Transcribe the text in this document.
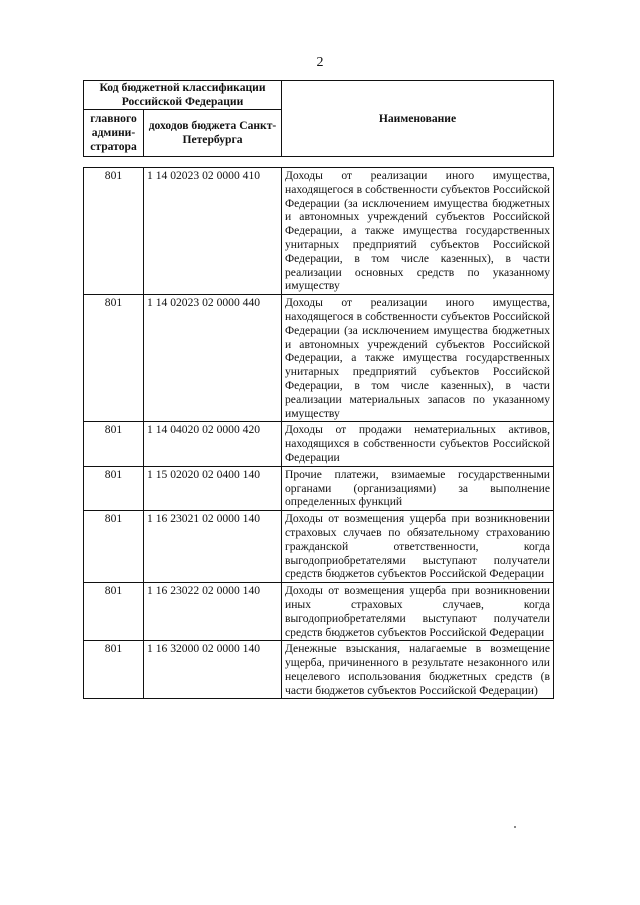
2
Код бюджетной классификации Российской Федерации		Наименование
главного админи-стратора	доходов бюджета Санкт-Петербурга	
801	1 14 02023 02 0000 410	Доходы от реализации иного имущества, находящегося в собственности субъектов Российской Федерации (за исключением имущества бюджетных и автономных учреждений субъектов Российской Федерации, а также имущества государственных унитарных предприятий субъектов Российской Федерации, в том числе казенных), в части реализации основных средств по указанному имуществу
801	1 14 02023 02 0000 440	Доходы от реализации иного имущества, находящегося в собственности субъектов Российской Федерации (за исключением имущества бюджетных и автономных учреждений субъектов Российской Федерации, а также имущества государственных унитарных предприятий субъектов Российской Федерации, в том числе казенных), в части реализации материальных запасов по указанному имуществу
801	1 14 04020 02 0000 420	Доходы от продажи нематериальных активов, находящихся в собственности субъектов Российской Федерации
801	1 15 02020 02 0400 140	Прочие платежи, взимаемые государственными органами (организациями) за выполнение определенных функций
801	1 16 23021 02 0000 140	Доходы от возмещения ущерба при возникновении страховых случаев по обязательному страхованию гражданской ответственности, когда выгодоприобретателями выступают получатели средств бюджетов субъектов Российской Федерации
801	1 16 23022 02 0000 140	Доходы от возмещения ущерба при возникновении иных страховых случаев, когда выгодоприобретателями выступают получатели средств бюджетов субъектов Российской Федерации
801	1 16 32000 02 0000 140	Денежные взыскания, налагаемые в возмещение ущерба, причиненного в результате незаконного или нецелевого использования бюджетных средств (в части бюджетов субъектов Российской Федерации)
